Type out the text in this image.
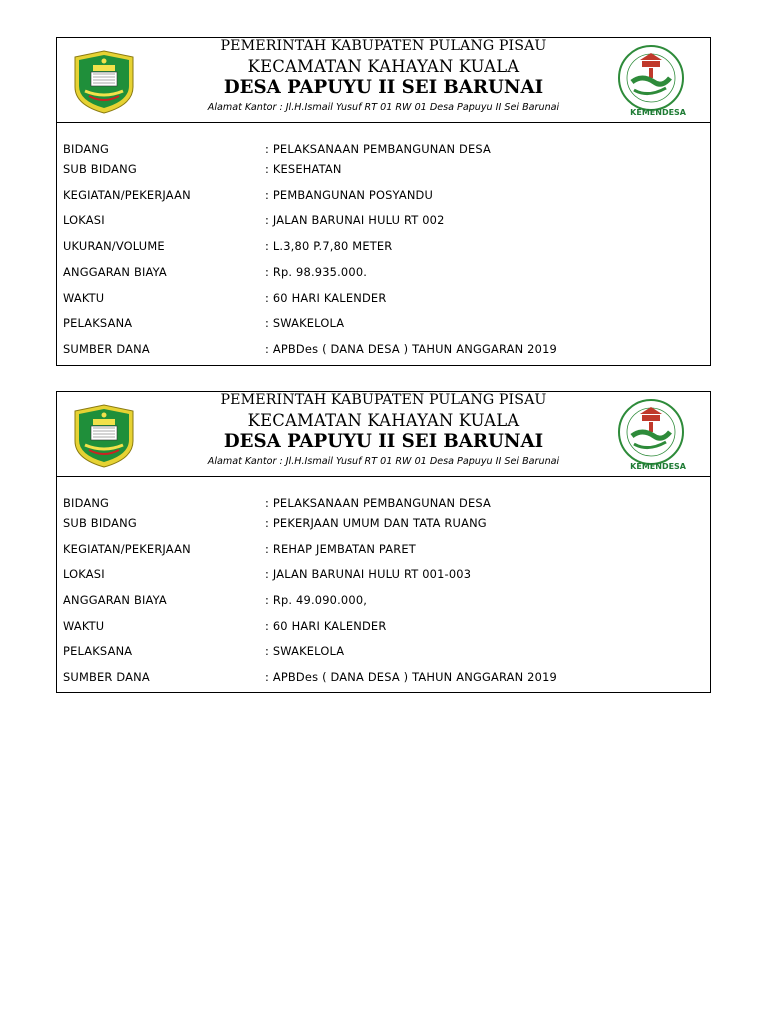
PEMERINTAH KABUPATEN PULANG PISAU
KECAMATAN KAHAYAN KUALA
DESA PAPUYU II SEI BARUNAI
Alamat Kantor : Jl.H.Ismail Yusuf RT 01 RW 01 Desa Papuyu II Sei Barunai	KEMENDESA
BIDANG	: PELAKSANAAN PEMBANGUNAN DESA
SUB BIDANG	: KESEHATAN
KEGIATAN/PEKERJAAN	: PEMBANGUNAN POSYANDU
LOKASI	: JALAN BARUNAI HULU RT 002
UKURAN/VOLUME	: L.3,80 P.7,80 METER
ANGGARAN BIAYA	: Rp. 98.935.000.
WAKTU	: 60 HARI KALENDER
PELAKSANA	: SWAKELOLA
SUMBER DANA	: APBDes ( DANA DESA ) TAHUN ANGGARAN 2019
PEMERINTAH KABUPATEN PULANG PISAU
KECAMATAN KAHAYAN KUALA
DESA PAPUYU II SEI BARUNAI
Alamat Kantor : Jl.H.Ismail Yusuf RT 01 RW 01 Desa Papuyu II Sei Barunai	KEMENDESA
BIDANG	: PELAKSANAAN PEMBANGUNAN DESA
SUB BIDANG	: PEKERJAAN UMUM DAN TATA RUANG
KEGIATAN/PEKERJAAN	: REHAP JEMBATAN PARET
LOKASI	: JALAN BARUNAI HULU RT 001-003
ANGGARAN BIAYA	: Rp. 49.090.000,
WAKTU	: 60 HARI KALENDER
PELAKSANA	: SWAKELOLA
SUMBER DANA	: APBDes ( DANA DESA ) TAHUN ANGGARAN 2019
